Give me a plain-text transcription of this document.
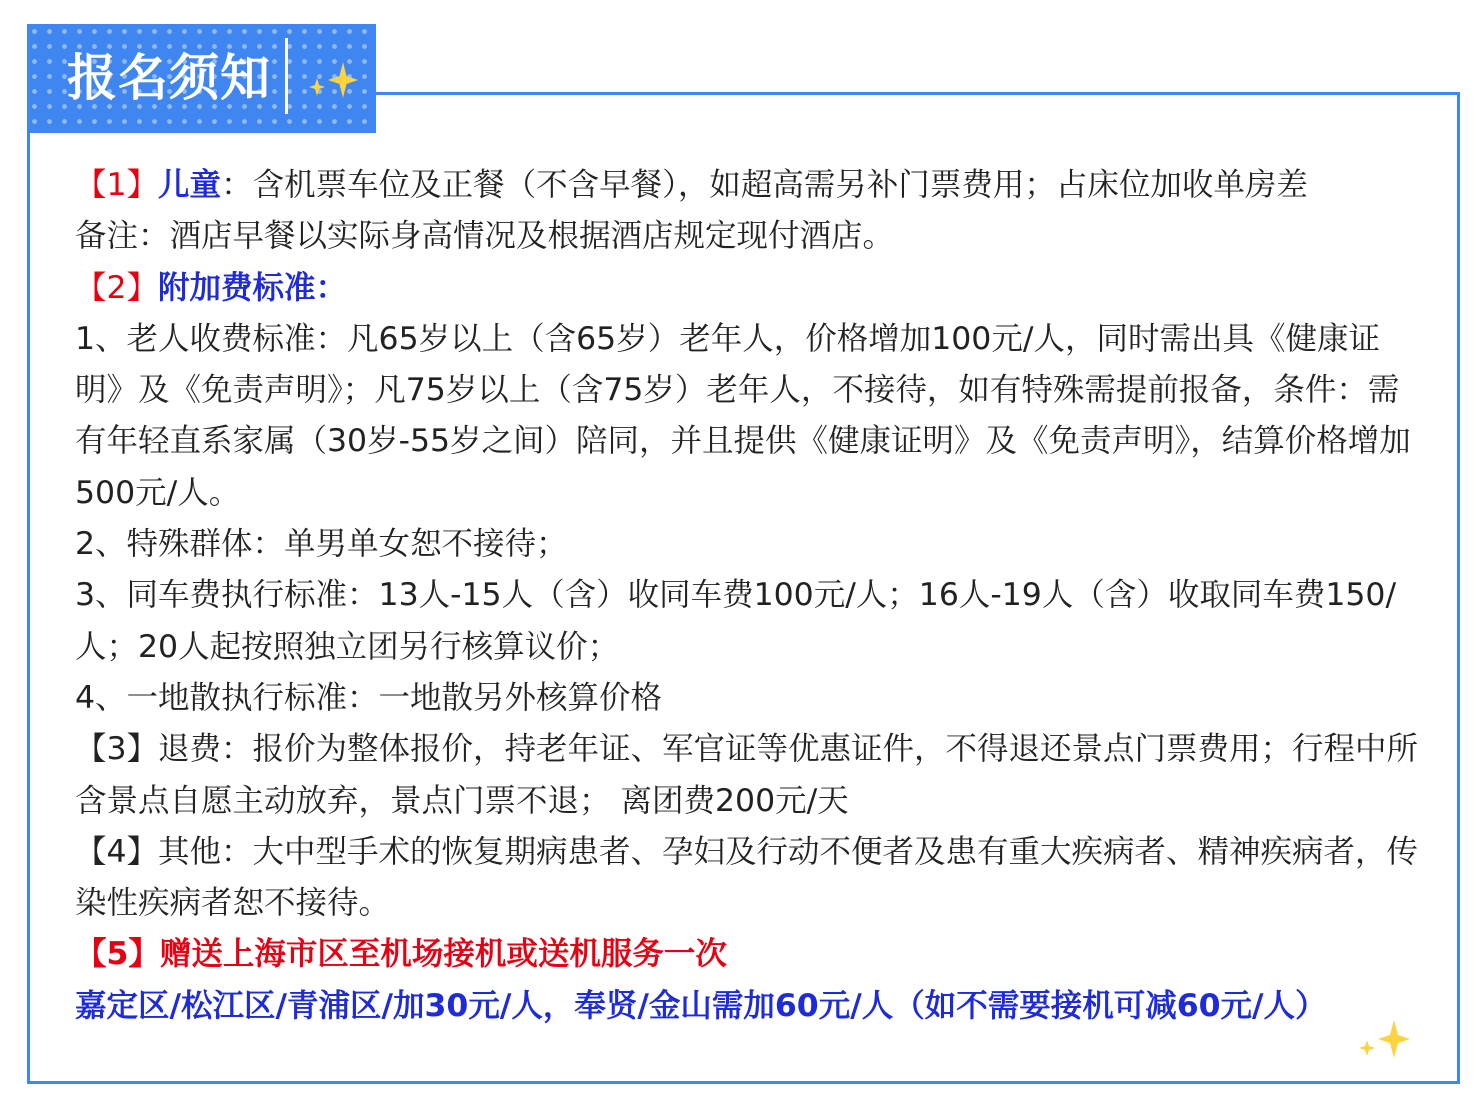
报名须知

【1】儿童：含机票车位及正餐（不含早餐），如超高需另补门票费用；占床位加收单房差

备注：酒店早餐以实际身高情况及根据酒店规定现付酒店。

【2】附加费标准：

1、老人收费标准：凡65岁以上（含65岁）老年人，价格增加100元/人，同时需出具《健康证明》及《免责声明》；凡75岁以上（含75岁）老年人，不接待，如有特殊需提前报备，条件：需有年轻直系家属（30岁-55岁之间）陪同，并且提供《健康证明》及《免责声明》，结算价格增加500元/人。

2、特殊群体：单男单女恕不接待；

3、同车费执行标准：13人-15人（含）收同车费100元/人；16人-19人（含）收取同车费150/人；20人起按照独立团另行核算议价；

4、一地散执行标准：一地散另外核算价格

【3】退费：报价为整体报价，持老年证、军官证等优惠证件，不得退还景点门票费用；行程中所含景点自愿主动放弃，景点门票不退； 离团费200元/天

【4】其他：大中型手术的恢复期病患者、孕妇及行动不便者及患有重大疾病者、精神疾病者，传染性疾病者恕不接待。

【5】赠送上海市区至机场接机或送机服务一次

嘉定区/松江区/青浦区/加30元/人，奉贤/金山需加60元/人（如不需要接机可减60元/人）
